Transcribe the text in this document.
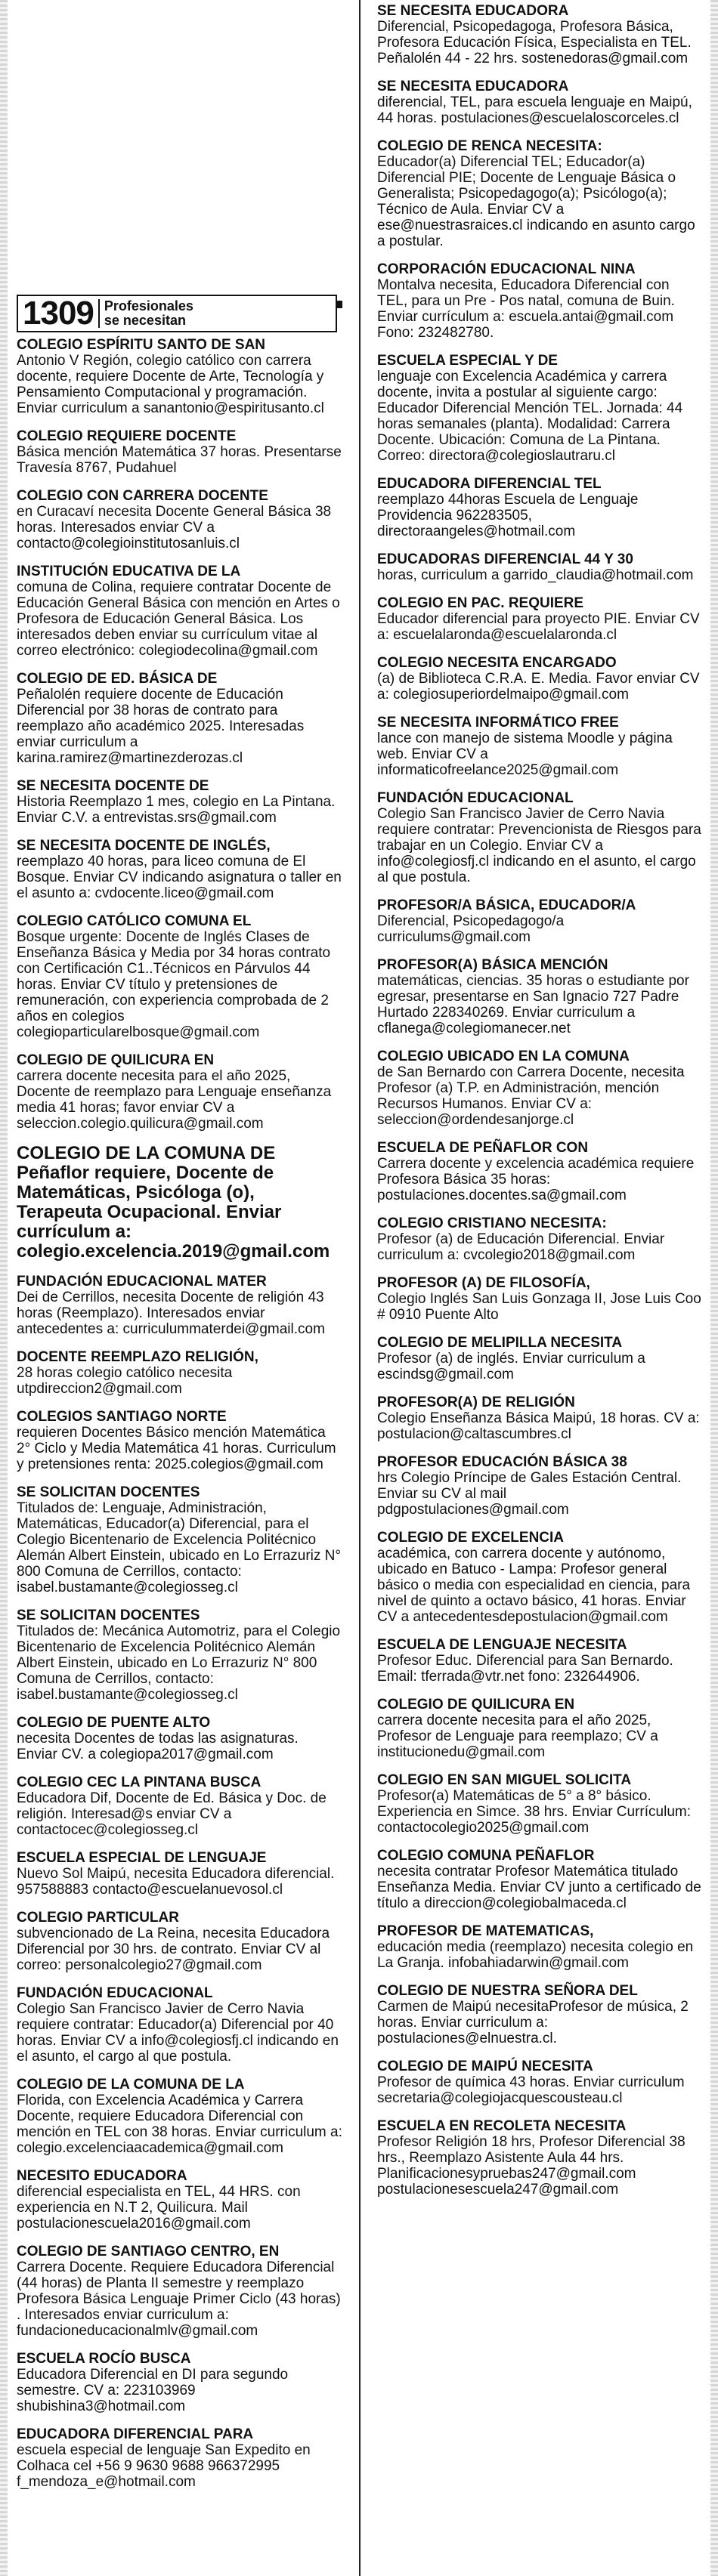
1309 Profesionales
se necesitan
COLEGIO ESPÍRITU SANTO DE SAN
Antonio V Región, colegio católico con carrera docente, requiere Docente de Arte, Tecnología y Pensamiento Computacional y programación. Enviar curriculum a sanantonio@espiritusanto.cl
COLEGIO REQUIERE DOCENTE
Básica mención Matemática 37 horas. Presentarse Travesía 8767, Pudahuel
COLEGIO CON CARRERA DOCENTE
en Curacaví necesita Docente General Básica 38 horas. Interesados enviar CV a contacto@colegioinstitutosanluis.cl
INSTITUCIÓN EDUCATIVA DE LA
comuna de Colina, requiere contratar Docente de Educación General Básica con mención en Artes o Profesora de Educación General Básica. Los interesados deben enviar su currículum vitae al correo electrónico: colegiodecolina@gmail.com
COLEGIO DE ED. BÁSICA DE
Peñalolén requiere docente de Educación Diferencial por 38 horas de contrato para reemplazo año académico 2025. Interesadas enviar curriculum a karina.ramirez@martinezderozas.cl
SE NECESITA DOCENTE DE
Historia Reemplazo 1 mes, colegio en La Pintana. Enviar C.V. a entrevistas.srs@gmail.com
SE NECESITA DOCENTE DE INGLÉS,
reemplazo 40 horas, para liceo comuna de El Bosque. Enviar CV indicando asignatura o taller en el asunto a: cvdocente.liceo@gmail.com
COLEGIO CATÓLICO COMUNA EL
Bosque urgente: Docente de Inglés Clases de Enseñanza Básica y Media por 34 horas contrato con Certificación C1..Técnicos en Párvulos 44 horas. Enviar CV título y pretensiones de remuneración, con experiencia comprobada de 2 años en colegios colegioparticularelbosque@gmail.com
COLEGIO DE QUILICURA EN
carrera docente necesita para el año 2025, Docente de reemplazo para Lenguaje enseñanza media 41 horas; favor enviar CV a seleccion.colegio.quilicura@gmail.com
COLEGIO DE LA COMUNA DE
Peñaflor requiere, Docente de Matemáticas, Psicóloga (o), Terapeuta Ocupacional. Enviar currículum a: colegio.excelencia.2019@gmail.com
FUNDACIÓN EDUCACIONAL MATER
Dei de Cerrillos, necesita Docente de religión 43 horas (Reemplazo). Interesados enviar antecedentes a: curriculummaterdei@gmail.com
DOCENTE REEMPLAZO RELIGIÓN,
28 horas colegio católico necesita utpdireccion2@gmail.com
COLEGIOS SANTIAGO NORTE
requieren Docentes Básico mención Matemática 2° Ciclo y Media Matemática 41 horas. Curriculum y pretensiones renta: 2025.colegios@gmail.com
SE SOLICITAN DOCENTES
Titulados de: Lenguaje, Administración, Matemáticas, Educador(a) Diferencial, para el Colegio Bicentenario de Excelencia Politécnico Alemán Albert Einstein, ubicado en Lo Errazuriz N° 800 Comuna de Cerrillos, contacto: isabel.bustamante@colegiosseg.cl
SE SOLICITAN DOCENTES
Titulados de: Mecánica Automotriz, para el Colegio Bicentenario de Excelencia Politécnico Alemán Albert Einstein, ubicado en Lo Errazuriz N° 800 Comuna de Cerrillos, contacto: isabel.bustamante@colegiosseg.cl
COLEGIO DE PUENTE ALTO
necesita Docentes de todas las asignaturas. Enviar CV. a colegiopa2017@gmail.com
COLEGIO CEC LA PINTANA BUSCA
Educadora Dif, Docente de Ed. Básica y Doc. de religión. Interesad@s enviar CV a contactocec@colegiosseg.cl
ESCUELA ESPECIAL DE LENGUAJE
Nuevo Sol Maipú, necesita Educadora diferencial. 957588883 contacto@escuelanuevosol.cl
COLEGIO PARTICULAR
subvencionado de La Reina, necesita Educadora Diferencial por 30 hrs. de contrato. Enviar CV al correo: personalcolegio27@gmail.com
FUNDACIÓN EDUCACIONAL
Colegio San Francisco Javier de Cerro Navia requiere contratar: Educador(a) Diferencial por 40 horas. Enviar CV a info@colegiosfj.cl indicando en el asunto, el cargo al que postula.
COLEGIO DE LA COMUNA DE LA
Florida, con Excelencia Académica y Carrera Docente, requiere Educadora Diferencial con mención en TEL con 38 horas. Enviar curriculum a: colegio.excelenciaacademica@gmail.com
NECESITO EDUCADORA
diferencial especialista en TEL, 44 HRS. con experiencia en N.T 2, Quilicura. Mail postulacionescuela2016@gmail.com
COLEGIO DE SANTIAGO CENTRO, EN
Carrera Docente. Requiere Educadora Diferencial (44 horas) de Planta II semestre y reemplazo Profesora Básica Lenguaje Primer Ciclo (43 horas) . Interesados enviar curriculum a: fundacioneducacionalmlv@gmail.com
ESCUELA ROCÍO BUSCA
Educadora Diferencial en DI para segundo semestre. CV a: 223103969 shubishina3@hotmail.com
EDUCADORA DIFERENCIAL PARA
escuela especial de lenguaje San Expedito en Colhaca cel +56 9 9630 9688 966372995 f_mendoza_e@hotmail.com
SE NECESITA EDUCADORA
Diferencial, Psicopedagoga, Profesora Básica, Profesora Educación Física, Especialista en TEL. Peñalolén 44 - 22 hrs. sostenedoras@gmail.com
SE NECESITA EDUCADORA
diferencial, TEL, para escuela lenguaje en Maipú, 44 horas. postulaciones@escuelaloscorceles.cl
COLEGIO DE RENCA NECESITA:
Educador(a) Diferencial TEL; Educador(a) Diferencial PIE; Docente de Lenguaje Básica o Generalista; Psicopedagogo(a); Psicólogo(a); Técnico de Aula. Enviar CV a ese@nuestrasraices.cl indicando en asunto cargo a postular.
CORPORACIÓN EDUCACIONAL NINA
Montalva necesita, Educadora Diferencial con TEL, para un Pre - Pos natal, comuna de Buin. Enviar currículum a: escuela.antai@gmail.com Fono: 232482780.
ESCUELA ESPECIAL Y DE
lenguaje con Excelencia Académica y carrera docente, invita a postular al siguiente cargo: Educador Diferencial Mención TEL. Jornada: 44 horas semanales (planta). Modalidad: Carrera Docente. Ubicación: Comuna de La Pintana. Correo: directora@colegioslautraru.cl
EDUCADORA DIFERENCIAL TEL
reemplazo 44horas Escuela de Lenguaje Providencia 962283505, directoraangeles@hotmail.com
EDUCADORAS DIFERENCIAL 44 Y 30
horas, curriculum a garrido_claudia@hotmail.com
COLEGIO EN PAC. REQUIERE
Educador diferencial para proyecto PIE. Enviar CV a: escuelalaronda@escuelalaronda.cl
COLEGIO NECESITA ENCARGADO
(a) de Biblioteca C.R.A. E. Media. Favor enviar CV a: colegiosuperiordelmaipo@gmail.com
SE NECESITA INFORMÁTICO FREE
lance con manejo de sistema Moodle y página web. Enviar CV a informaticofreelance2025@gmail.com
FUNDACIÓN EDUCACIONAL
Colegio San Francisco Javier de Cerro Navia requiere contratar: Prevencionista de Riesgos para trabajar en un Colegio. Enviar CV a info@colegiosfj.cl indicando en el asunto, el cargo al que postula.
PROFESOR/A BÁSICA, EDUCADOR/A
Diferencial, Psicopedagogo/a curriculums@gmail.com
PROFESOR(A) BÁSICA MENCIÓN
matemáticas, ciencias. 35 horas o estudiante por egresar, presentarse en San Ignacio 727 Padre Hurtado 228340269. Enviar curriculum a cflanega@colegiomanecer.net
COLEGIO UBICADO EN LA COMUNA
de San Bernardo con Carrera Docente, necesita Profesor (a) T.P. en Administración, mención Recursos Humanos. Enviar CV a: seleccion@ordendesanjorge.cl
ESCUELA DE PEÑAFLOR CON
Carrera docente y excelencia académica requiere Profesora Básica 35 horas: postulaciones.docentes.sa@gmail.com
COLEGIO CRISTIANO NECESITA:
Profesor (a) de Educación Diferencial. Enviar curriculum a: cvcolegio2018@gmail.com
PROFESOR (A) DE FILOSOFÍA,
Colegio Inglés San Luis Gonzaga II, Jose Luis Coo # 0910 Puente Alto
COLEGIO DE MELIPILLA NECESITA
Profesor (a) de inglés. Enviar curriculum a escindsg@gmail.com
PROFESOR(A) DE RELIGIÓN
Colegio Enseñanza Básica Maipú, 18 horas. CV a: postulacion@caltascumbres.cl
PROFESOR EDUCACIÓN BÁSICA 38
hrs Colegio Príncipe de Gales Estación Central. Enviar su CV al mail pdgpostulaciones@gmail.com
COLEGIO DE EXCELENCIA
académica, con carrera docente y autónomo, ubicado en Batuco - Lampa: Profesor general básico o media con especialidad en ciencia, para nivel de quinto a octavo básico, 41 horas. Enviar CV a antecedentesdepostulacion@gmail.com
ESCUELA DE LENGUAJE NECESITA
Profesor Educ. Diferencial para San Bernardo. Email: tferrada@vtr.net fono: 232644906.
COLEGIO DE QUILICURA EN
carrera docente necesita para el año 2025, Profesor de Lenguaje para reemplazo; CV a institucionedu@gmail.com
COLEGIO EN SAN MIGUEL SOLICITA
Profesor(a) Matemáticas de 5° a 8° básico. Experiencia en Simce. 38 hrs. Enviar Currículum: contactocolegio2025@gmail.com
COLEGIO COMUNA PEÑAFLOR
necesita contratar Profesor Matemática titulado Enseñanza Media. Enviar CV junto a certificado de título a direccion@colegiobalmaceda.cl
PROFESOR DE MATEMATICAS,
educación media (reemplazo) necesita colegio en La Granja. infobahiadarwin@gmail.com
COLEGIO DE NUESTRA SEÑORA DEL
Carmen de Maipú necesitaProfesor de música, 2 horas. Enviar curriculum a: postulaciones@elnuestra.cl.
COLEGIO DE MAIPÚ NECESITA
Profesor de química 43 horas. Enviar curriculum secretaria@colegiojacquescousteau.cl
ESCUELA EN RECOLETA NECESITA
Profesor Religión 18 hrs, Profesor Diferencial 38 hrs., Reemplazo Asistente Aula 44 hrs. Planificacionesypruebas247@gmail.com postulacionesescuela247@gmail.com
